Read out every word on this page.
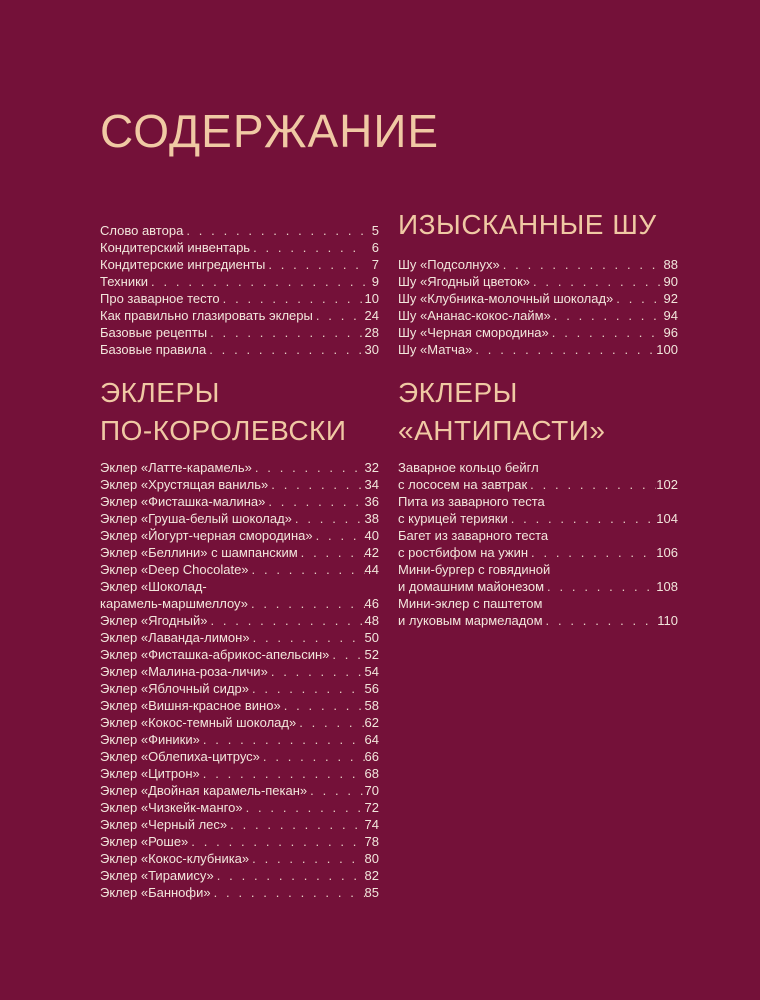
СОДЕРЖАНИЕ
Слово автора . . .	5
Кондитерский инвентарь . . .	6
Кондитерские ингредиенты . . .	7
Техники . . .	9
Про заварное тесто . . .	10
Как правильно глазировать эклеры . . .	24
Базовые рецепты . . .	28
Базовые правила . . .	30
ЭКЛЕРЫ
ПО-КОРОЛЕВСКИ
Эклер «Латте-карамель» . . .	32
Эклер «Хрустящая ваниль» . . .	34
Эклер «Фисташка-малина» . . .	36
Эклер «Груша-белый шоколад» . . .	38
Эклер «Йогурт-черная смородина» . . .	40
Эклер «Беллини» с шампанским . . .	42
Эклер «Deep Chocolate» . . .	44
Эклер «Шоколад-
карамель-маршмеллоу» . . .	46
Эклер «Ягодный» . . .	48
Эклер «Лаванда-лимон» . . .	50
Эклер «Фисташка-абрикос-апельсин» . . .	52
Эклер «Малина-роза-личи» . . .	54
Эклер «Яблочный сидр» . . .	56
Эклер «Вишня-красное вино» . . .	58
Эклер «Кокос-темный шоколад» . . .	62
Эклер «Финики» . . .	64
Эклер «Облепиха-цитрус» . . .	66
Эклер «Цитрон» . . .	68
Эклер «Двойная карамель-пекан» . . .	70
Эклер «Чизкейк-манго» . . .	72
Эклер «Черный лес» . . .	74
Эклер «Роше» . . .	78
Эклер «Кокос-клубника» . . .	80
Эклер «Тирамису» . . .	82
Эклер «Баннофи» . . .	85
ИЗЫСКАННЫЕ ШУ
Шу «Подсолнух» . . .	88
Шу «Ягодный цветок» . . .	90
Шу «Клубника-молочный шоколад» . . .	92
Шу «Ананас-кокос-лайм» . . .	94
Шу «Черная смородина» . . .	96
Шу «Матча» . . .	100
ЭКЛЕРЫ
«АНТИПАСТИ»
Заварное кольцо бейгл
с лососем на завтрак . . .	102
Пита из заварного теста
с курицей терияки . . .	104
Багет из заварного теста
с ростбифом на ужин . . .	106
Мини-бургер с говядиной
и домашним майонезом . . .	108
Мини-эклер с паштетом
и луковым мармеладом . . .	110
